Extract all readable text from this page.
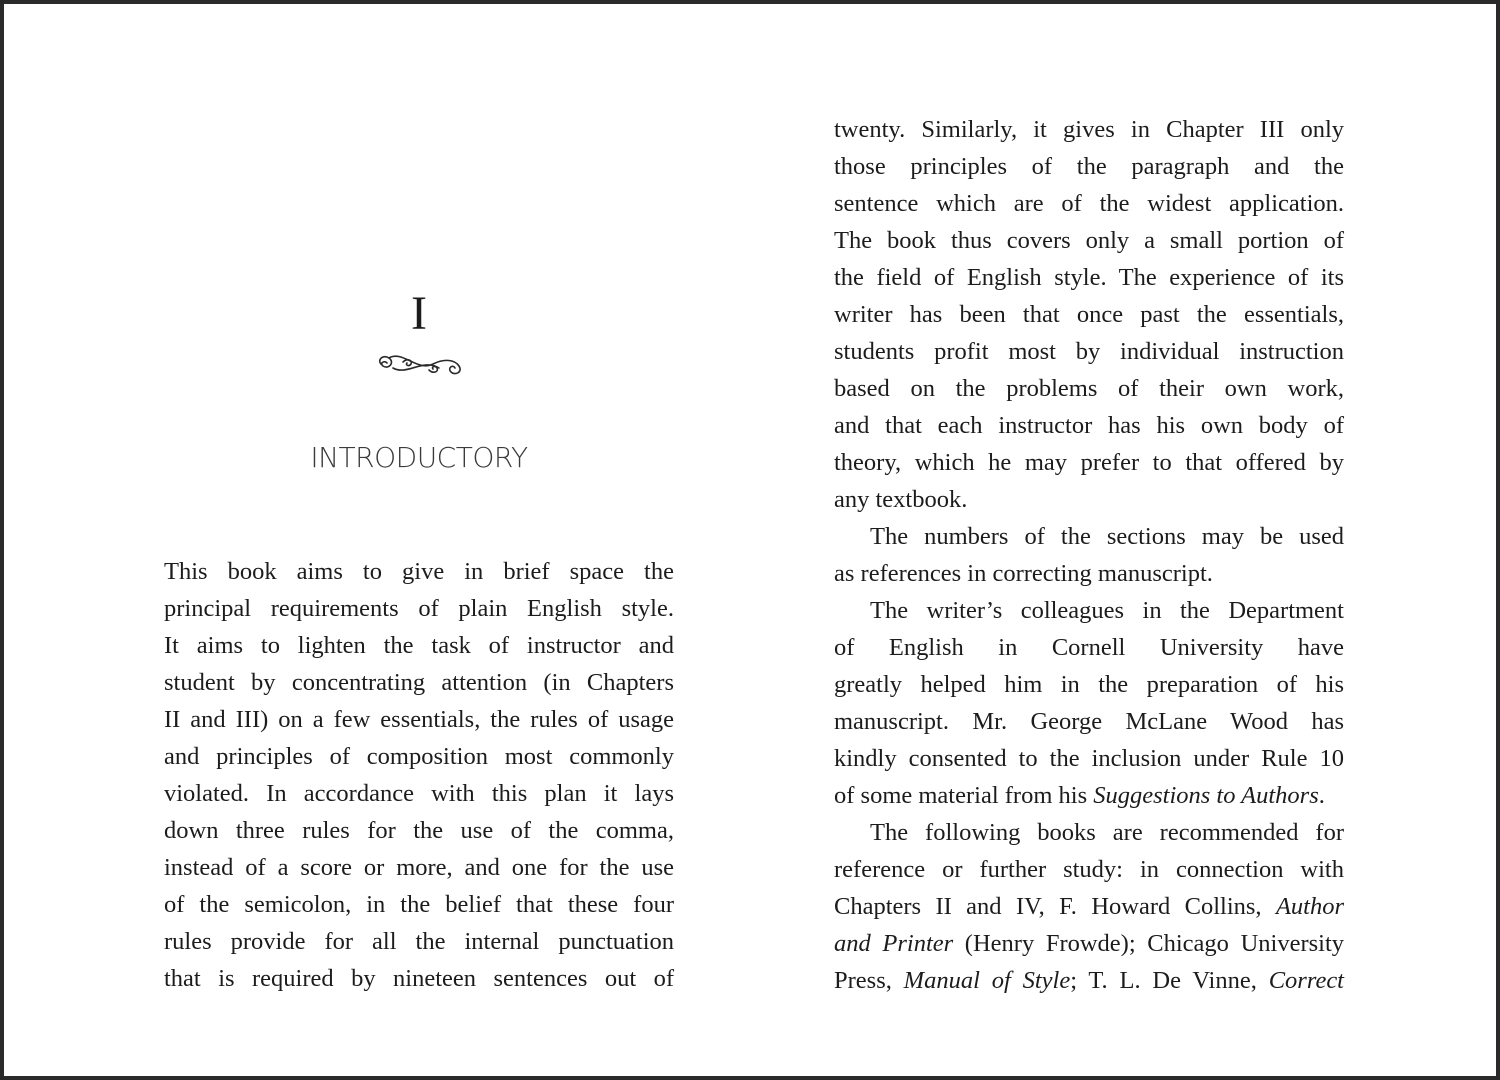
I
INTRODUCTORY

This book aims to give in brief space the
principal requirements of plain English style.
It aims to lighten the task of instructor and
student by concentrating attention (in Chapters
II and III) on a few essentials, the rules of usage
and principles of composition most commonly
violated. In accordance with this plan it lays
down three rules for the use of the comma,
instead of a score or more, and one for the use
of the semicolon, in the belief that these four
rules provide for all the internal punctuation
that is required by nineteen sentences out of

twenty. Similarly, it gives in Chapter III only
those principles of the paragraph and the
sentence which are of the widest application.
The book thus covers only a small portion of
the field of English style. The experience of its
writer has been that once past the essentials,
students profit most by individual instruction
based on the problems of their own work,
and that each instructor has his own body of
theory, which he may prefer to that offered by
any textbook.

The numbers of the sections may be used
as references in correcting manuscript.

The writer’s colleagues in the Department
of English in Cornell University have
greatly helped him in the preparation of his
manuscript. Mr. George McLane Wood has
kindly consented to the inclusion under Rule 10
of some material from his Suggestions to Authors.

The following books are recommended for
reference or further study: in connection with
Chapters II and IV, F. Howard Collins, Author
and Printer (Henry Frowde); Chicago University
Press, Manual of Style; T. L. De Vinne, Correct
